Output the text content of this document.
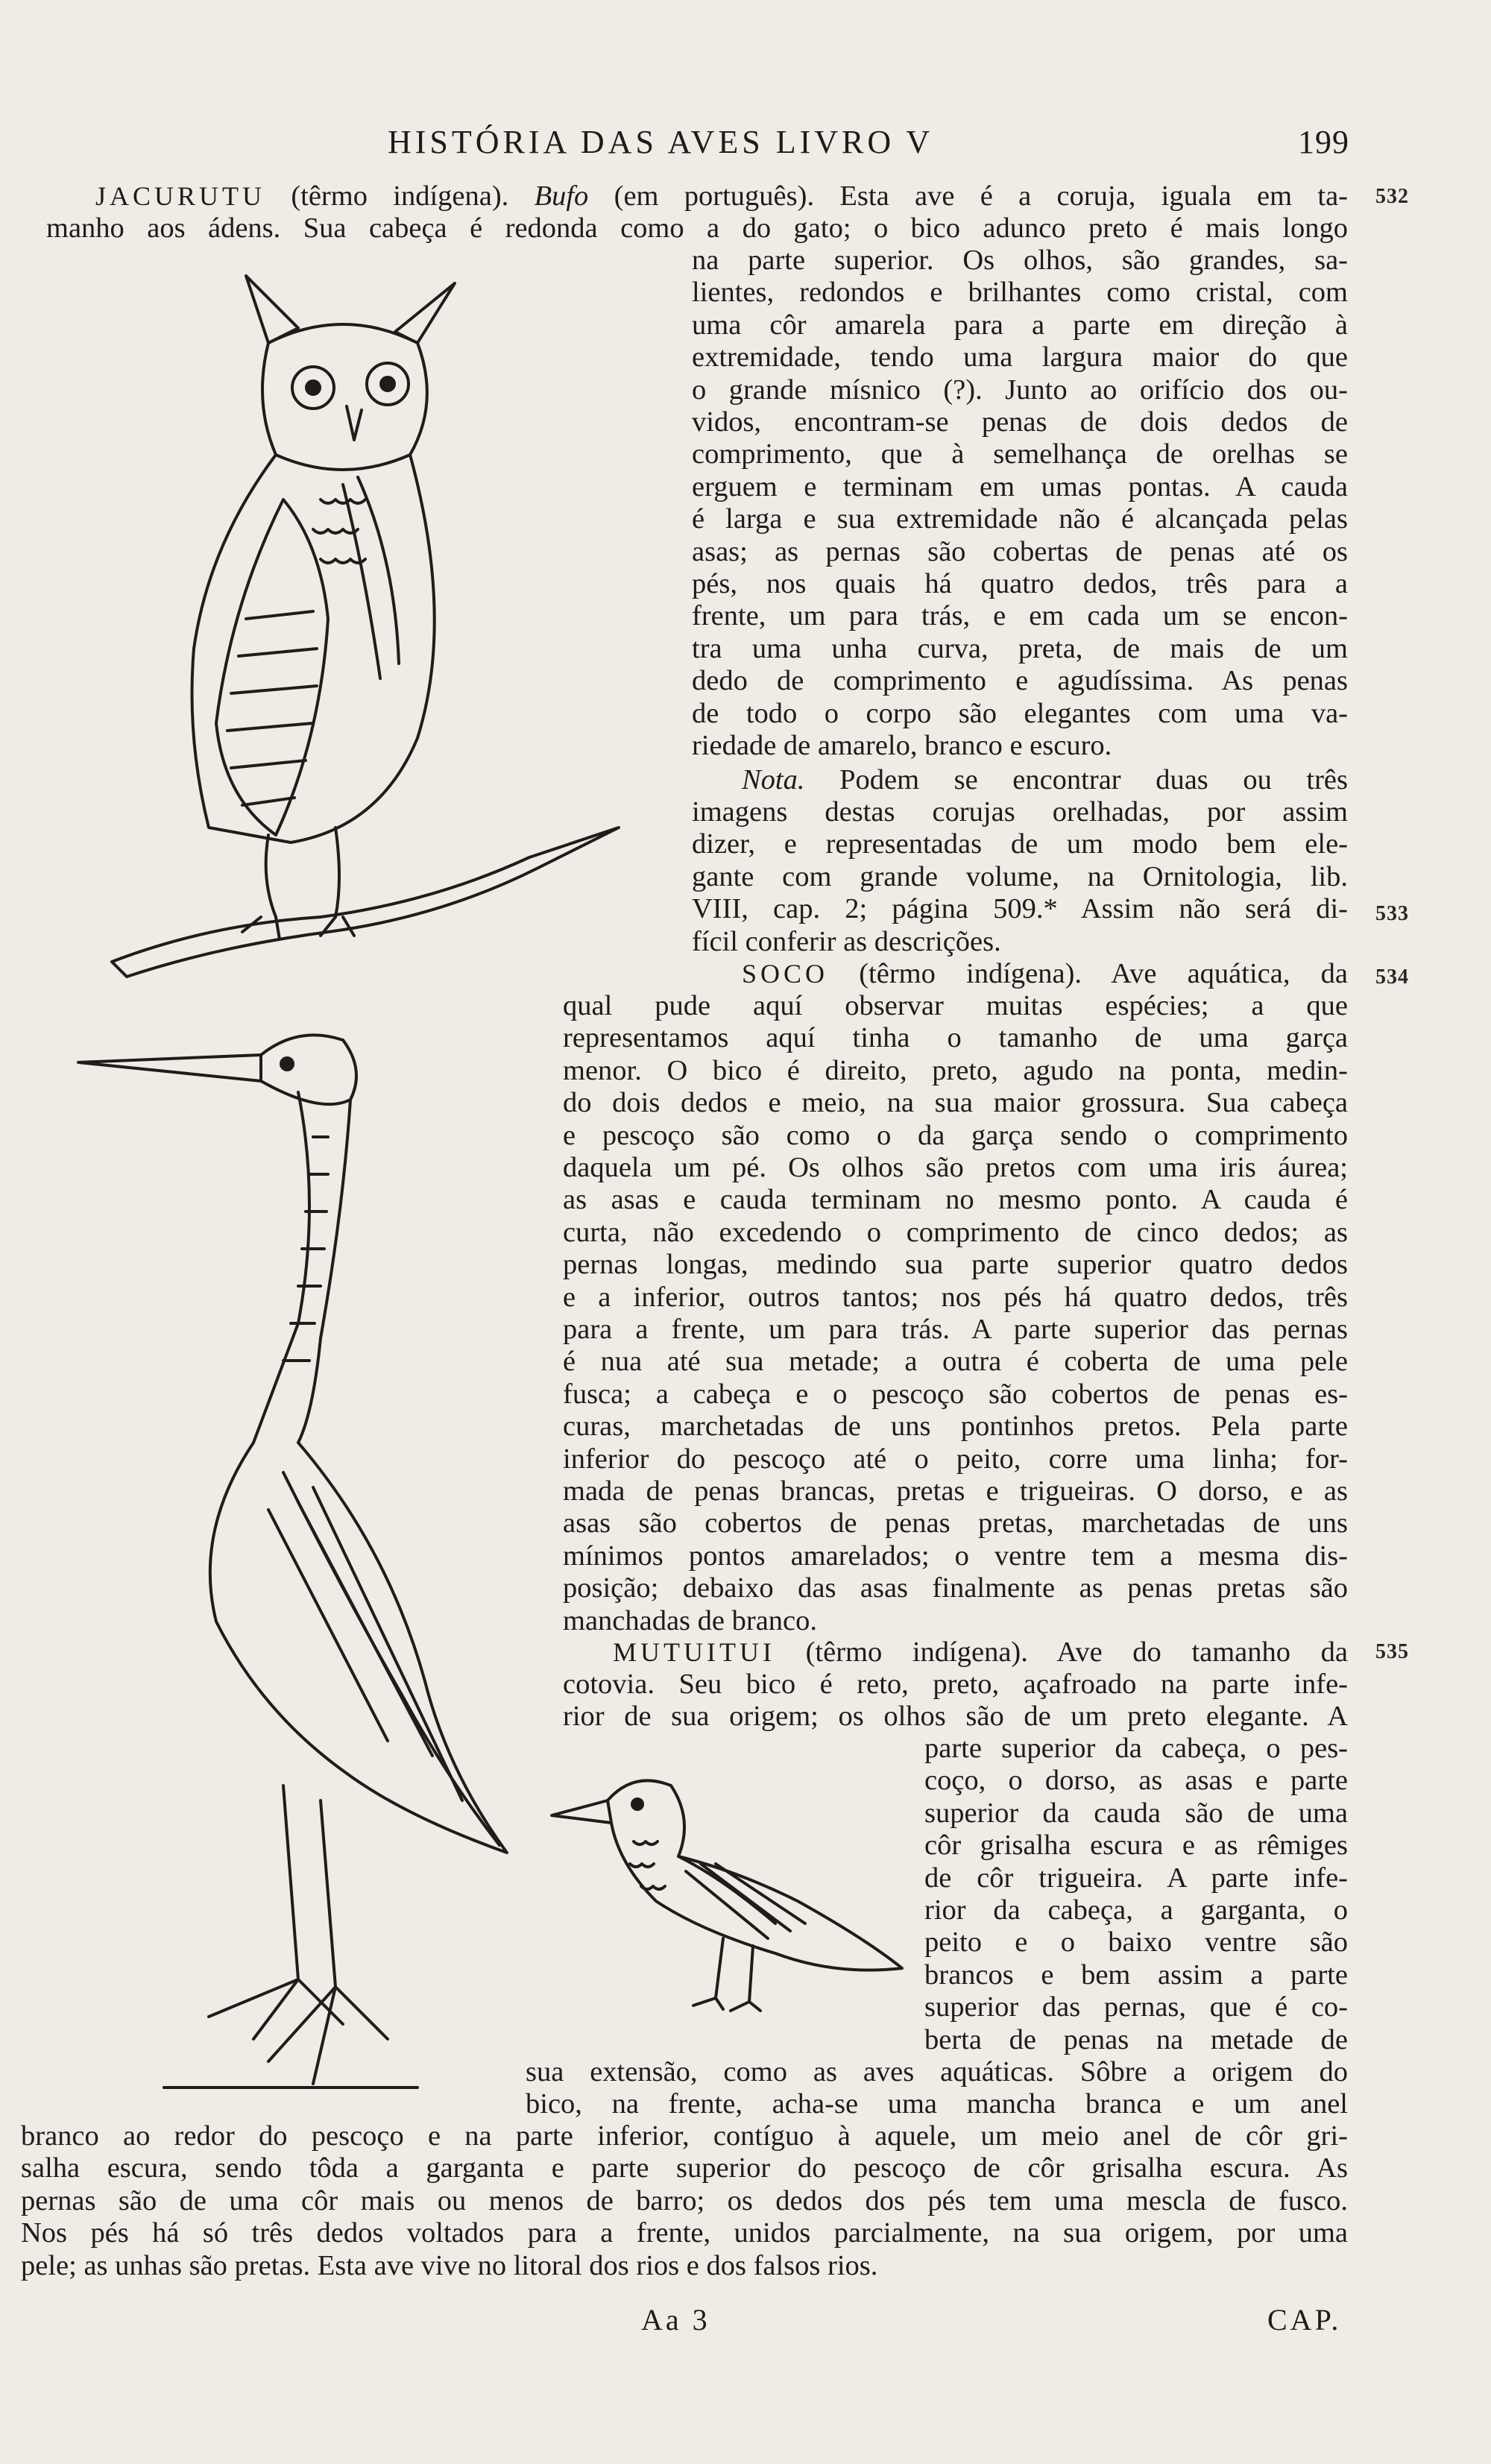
HISTÓRIA DAS AVES LIVRO V	199
532
533
534
535
JACURUTU (têrmo indígena). Bufo (em português). Esta ave é a coruja, iguala em ta-
manho aos ádens. Sua cabeça é redonda como a do gato; o bico adunco preto é mais longo
na parte superior. Os olhos, são grandes, sa-
lientes, redondos e brilhantes como cristal, com
uma côr amarela para a parte em direção à
extremidade, tendo uma largura maior do que
o grande mísnico (?). Junto ao orifício dos ou-
vidos, encontram-se penas de dois dedos de
comprimento, que à semelhança de orelhas se
erguem e terminam em umas pontas. A cauda
é larga e sua extremidade não é alcançada pelas
asas; as pernas são cobertas de penas até os
pés, nos quais há quatro dedos, três para a
frente, um para trás, e em cada um se encon-
tra uma unha curva, preta, de mais de um
dedo de comprimento e agudíssima. As penas
de todo o corpo são elegantes com uma va-
riedade de amarelo, branco e escuro.
Nota. Podem se encontrar duas ou três
imagens destas corujas orelhadas, por assim
dizer, e representadas de um modo bem ele-
gante com grande volume, na Ornitologia, lib.
VIII, cap. 2; página 509.* Assim não será di-
fícil conferir as descrições.
SOCO (têrmo indígena). Ave aquática, da
qual pude aquí observar muitas espécies; a que
representamos aquí tinha o tamanho de uma garça
menor. O bico é direito, preto, agudo na ponta, medin-
do dois dedos e meio, na sua maior grossura. Sua cabeça
e pescoço são como o da garça sendo o comprimento
daquela um pé. Os olhos são pretos com uma iris áurea;
as asas e cauda terminam no mesmo ponto. A cauda é
curta, não excedendo o comprimento de cinco dedos; as
pernas longas, medindo sua parte superior quatro dedos
e a inferior, outros tantos; nos pés há quatro dedos, três
para a frente, um para trás. A parte superior das pernas
é nua até sua metade; a outra é coberta de uma pele
fusca; a cabeça e o pescoço são cobertos de penas es-
curas, marchetadas de uns pontinhos pretos. Pela parte
inferior do pescoço até o peito, corre uma linha; for-
mada de penas brancas, pretas e trigueiras. O dorso, e as
asas são cobertos de penas pretas, marchetadas de uns
mínimos pontos amarelados; o ventre tem a mesma dis-
posição; debaixo das asas finalmente as penas pretas são
manchadas de branco.
MUTUITUI (têrmo indígena). Ave do tamanho da
cotovia. Seu bico é reto, preto, açafroado na parte infe-
rior de sua origem; os olhos são de um preto elegante. A
parte superior da cabeça, o pes-
coço, o dorso, as asas e parte
superior da cauda são de uma
côr grisalha escura e as rêmiges
de côr trigueira. A parte infe-
rior da cabeça, a garganta, o
peito e o baixo ventre são
brancos e bem assim a parte
superior das pernas, que é co-
berta de penas na metade de
sua extensão, como as aves aquáticas. Sôbre a origem do
bico, na frente, acha-se uma mancha branca e um anel
branco ao redor do pescoço e na parte inferior, contíguo à aquele, um meio anel de côr gri-
salha escura, sendo tôda a garganta e parte superior do pescoço de côr grisalha escura. As
pernas são de uma côr mais ou menos de barro; os dedos dos pés tem uma mescla de fusco.
Nos pés há só três dedos voltados para a frente, unidos parcialmente, na sua origem, por uma
pele; as unhas são pretas. Esta ave vive no litoral dos rios e dos falsos rios.
Aa 3	CAP.
